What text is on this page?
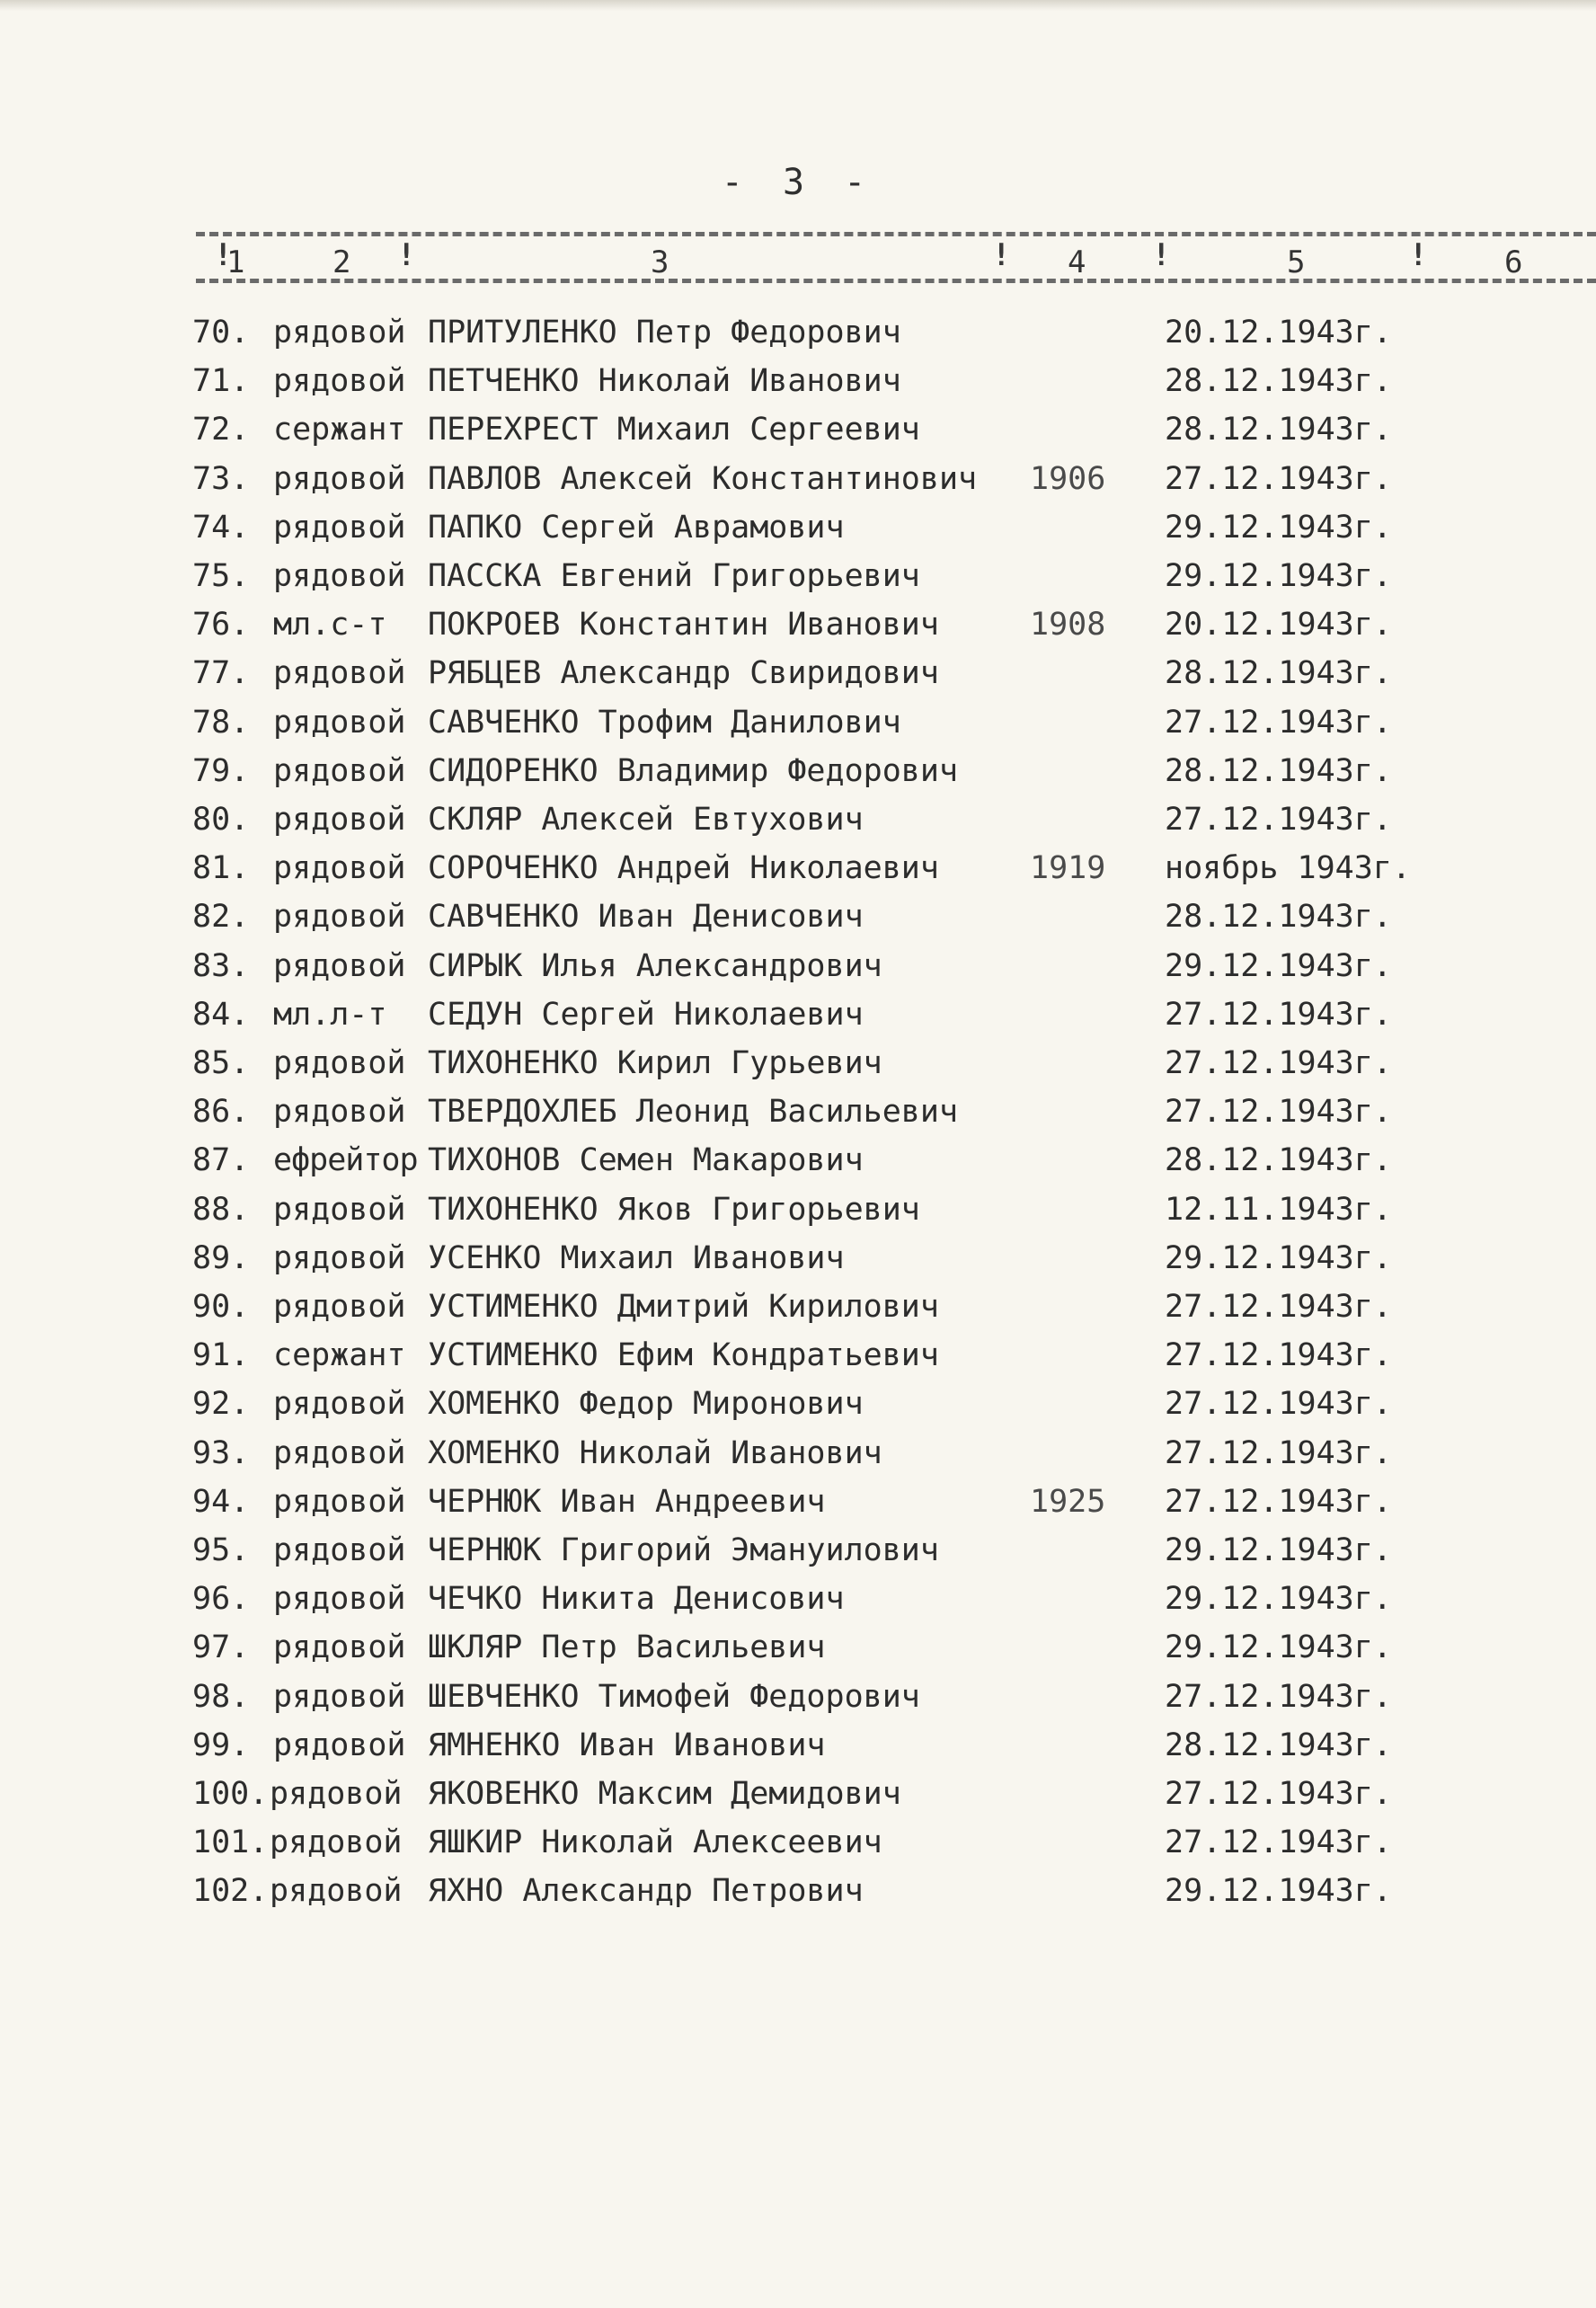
- 3 -
!
1	2 !	3	! 4 !	5	!	6
70. рядовой ПРИТУЛЕНКО Петр Федорович	20.12.1943г.
71. рядовой ПЕТЧЕНКО Николай Иванович	28.12.1943г.
72. сержант ПЕРЕХРЕСТ Михаил Сергеевич	28.12.1943г.
73. рядовой ПАВЛОВ Алексей Константинович 1906 27.12.1943г.
74. рядовой ПАПКО Сергей Аврамович	29.12.1943г.
75. рядовой ПАССКА Евгений Григорьевич	29.12.1943г.
76. мл.с-т ПОКРОЕВ Константин Иванович	1908 20.12.1943г.
77. рядовой РЯБЦЕВ Александр Свиридович	28.12.1943г.
78. рядовой САВЧЕНКО Трофим Данилович	27.12.1943г.
79. рядовой СИДОРЕНКО Владимир Федорович	28.12.1943г.
80. рядовой СКЛЯР Алексей Евтухович	27.12.1943г.
81. рядовой СОРОЧЕНКО Андрей Николаевич	1919 ноябрь 1943г.
82. рядовой САВЧЕНКО Иван Денисович	28.12.1943г.
83. рядовой СИРЫК Илья Александрович	29.12.1943г.
84. мл.л-т СЕДУН Сергей Николаевич	27.12.1943г.
85. рядовой ТИХОНЕНКО Кирил Гурьевич	27.12.1943г.
86. рядовой ТВЕРДОХЛЕБ Леонид Васильевич	27.12.1943г.
87. ефрейтор ТИХОНОВ Семен Макарович	28.12.1943г.
88. рядовой ТИХОНЕНКО Яков Григорьевич	12.11.1943г.
89. рядовой УСЕНКО Михаил Иванович	29.12.1943г.
90. рядовой УСТИМЕНКО Дмитрий Кирилович	27.12.1943г.
91. сержант УСТИМЕНКО Ефим Кондратьевич	27.12.1943г.
92. рядовой ХОМЕНКО Федор Миронович	27.12.1943г.
93. рядовой ХОМЕНКО Николай Иванович	27.12.1943г.
94. рядовой ЧЕРНЮК Иван Андреевич	1925 27.12.1943г.
95. рядовой ЧЕРНЮК Григорий Эмануилович	29.12.1943г.
96. рядовой ЧЕЧКО Никита Денисович	29.12.1943г.
97. рядовой ШКЛЯР Петр Васильевич	29.12.1943г.
98. рядовой ШЕВЧЕНКО Тимофей Федорович	27.12.1943г.
99. рядовой ЯМНЕНКО Иван Иванович	28.12.1943г.
100. рядовой ЯКОВЕНКО Максим Демидович	27.12.1943г.
101. рядовой ЯШКИР Николай Алексеевич	27.12.1943г.
102. рядовой ЯХНО Александр Петрович	29.12.1943г.
